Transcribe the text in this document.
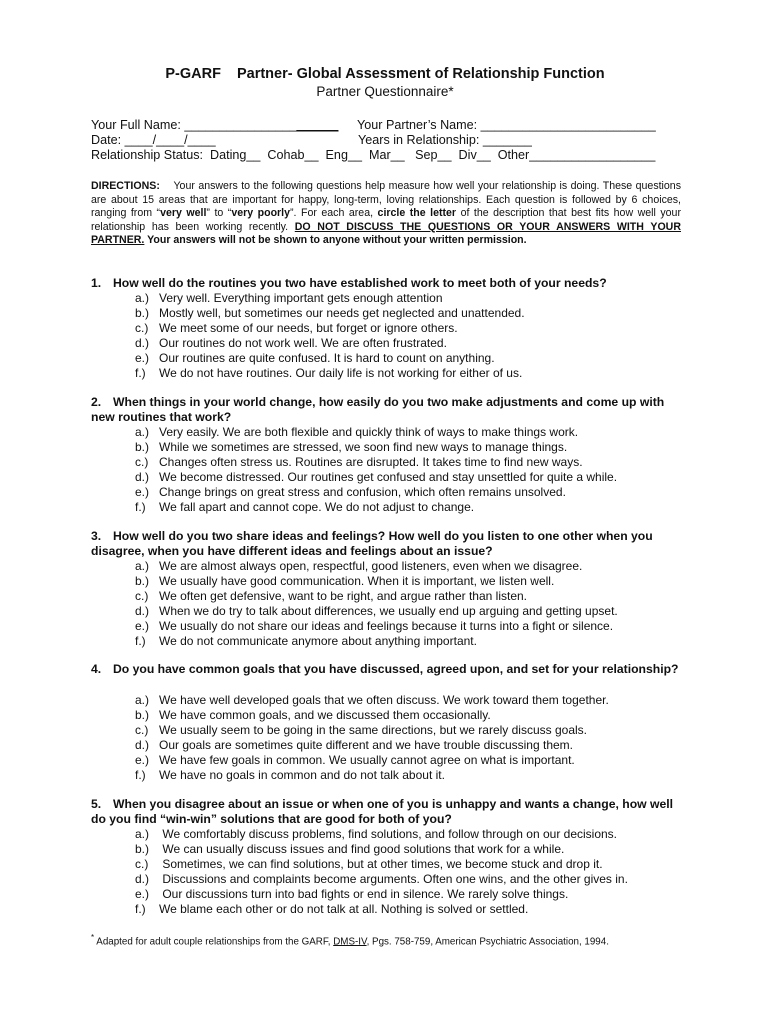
P-GARF Partner- Global Assessment of Relationship Function
Partner Questionnaire*
Your Full Name: ______________________ Your Partner’s Name: _________________________
Date: ____/____/____	Years in Relationship: _______
Relationship Status:  Dating__  Cohab__  Eng__  Mar__   Sep__  Div__  Other__________________
DIRECTIONS: Your answers to the following questions help measure how well your relationship is doing. These questions are about 15 areas that are important for happy, long-term, loving relationships. Each question is followed by 6 choices, ranging from “very well” to “very poorly”. For each area, circle the letter of the description that best fits how well your relationship has been working recently. DO NOT DISCUSS THE QUESTIONS OR YOUR ANSWERS WITH YOUR PARTNER. Your answers will not be shown to anyone without your written permission.
1. How well do the routines you two have established work to meet both of your needs?
a.) Very well. Everything important gets enough attention
b.) Mostly well, but sometimes our needs get neglected and unattended.
c.) We meet some of our needs, but forget or ignore others.
d.) Our routines do not work well. We are often frustrated.
e.) Our routines are quite confused. It is hard to count on anything.
f.) We do not have routines. Our daily life is not working for either of us.
2. When things in your world change, how easily do you two make adjustments and come up with new routines that work?
a.) Very easily. We are both flexible and quickly think of ways to make things work.
b.) While we sometimes are stressed, we soon find new ways to manage things.
c.) Changes often stress us. Routines are disrupted. It takes time to find new ways.
d.) We become distressed. Our routines get confused and stay unsettled for quite a while.
e.) Change brings on great stress and confusion, which often remains unsolved.
f.) We fall apart and cannot cope. We do not adjust to change.
3. How well do you two share ideas and feelings? How well do you listen to one other when you disagree, when you have different ideas and feelings about an issue?
a.) We are almost always open, respectful, good listeners, even when we disagree.
b.) We usually have good communication. When it is important, we listen well.
c.) We often get defensive, want to be right, and argue rather than listen.
d.) When we do try to talk about differences, we usually end up arguing and getting upset.
e.) We usually do not share our ideas and feelings because it turns into a fight or silence.
f.) We do not communicate anymore about anything important.
4. Do you have common goals that you have discussed, agreed upon, and set for your relationship?
a.) We have well developed goals that we often discuss. We work toward them together.
b.) We have common goals, and we discussed them occasionally.
c.) We usually seem to be going in the same directions, but we rarely discuss goals.
d.) Our goals are sometimes quite different and we have trouble discussing them.
e.) We have few goals in common. We usually cannot agree on what is important.
f.) We have no goals in common and do not talk about it.
5. When you disagree about an issue or when one of you is unhappy and wants a change, how well do you find “win-win” solutions that are good for both of you?
a.) We comfortably discuss problems, find solutions, and follow through on our decisions.
b.) We can usually discuss issues and find good solutions that work for a while.
c.) Sometimes, we can find solutions, but at other times, we become stuck and drop it.
d.) Discussions and complaints become arguments. Often one wins, and the other gives in.
e.) Our discussions turn into bad fights or end in silence. We rarely solve things.
f.) We blame each other or do not talk at all. Nothing is solved or settled.
* Adapted for adult couple relationships from the GARF, DMS-IV, Pgs. 758-759, American Psychiatric Association, 1994.
